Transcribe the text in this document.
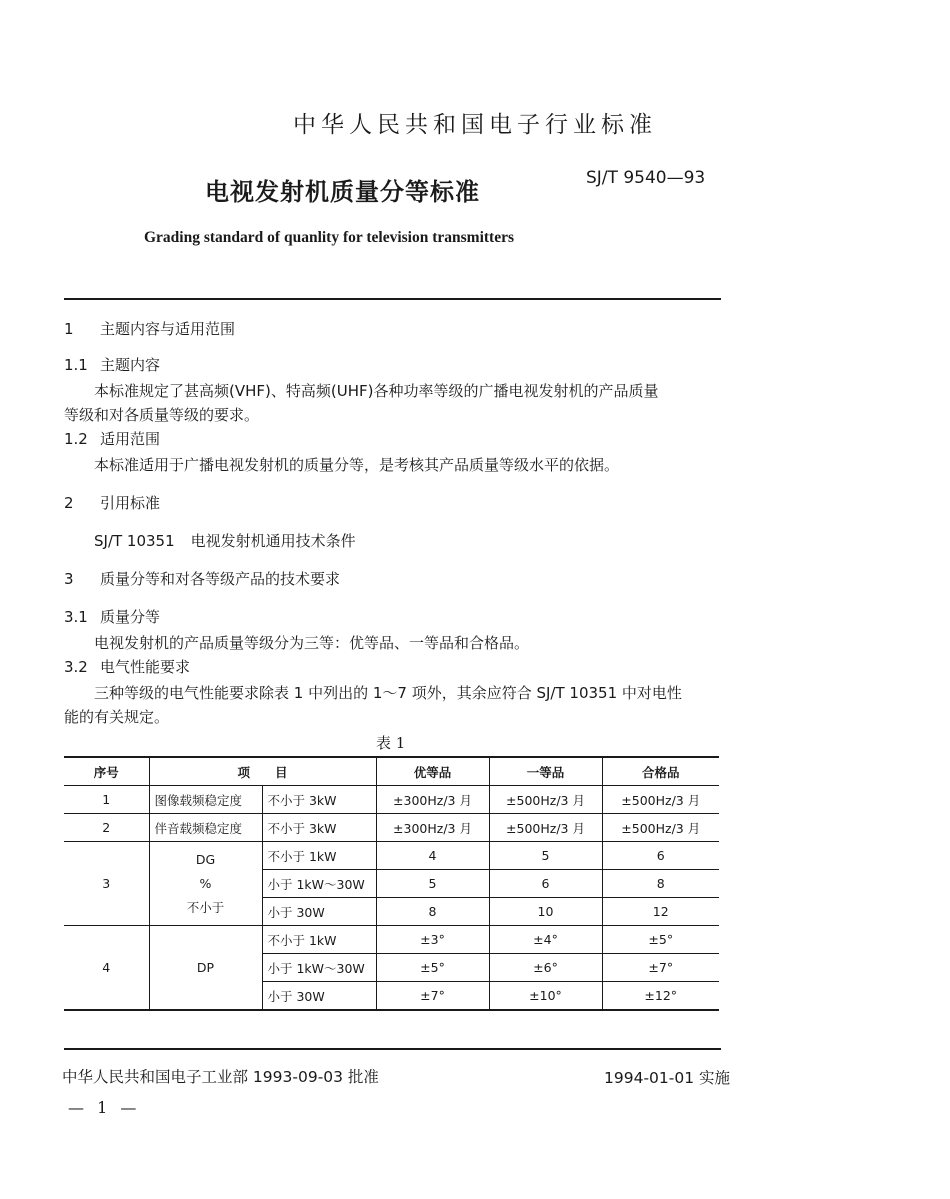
中华人民共和国电子行业标准
电视发射机质量分等标准	SJ/T 9540—93
Grading standard of quanlity for television transmitters
1 主题内容与适用范围
1.1 主题内容
本标准规定了甚高频(VHF)、特高频(UHF)各种功率等级的广播电视发射机的产品质量
等级和对各质量等级的要求。
1.2 适用范围
本标准适用于广播电视发射机的质量分等，是考核其产品质量等级水平的依据。
2 引用标准
SJ/T 10351 电视发射机通用技术条件
3 质量分等和对各等级产品的技术要求
3.1 质量分等
电视发射机的产品质量等级分为三等：优等品、一等品和合格品。
3.2 电气性能要求
三种等级的电气性能要求除表 1 中列出的 1～7 项外，其余应符合 SJ/T 10351 中对电性
能的有关规定。
表 1
序号	项　　目		优等品	一等品	合格品
1	图像载频稳定度	不小于 3kW	±300Hz/3 月	±500Hz/3 月	±500Hz/3 月
2	伴音载频稳定度	不小于 3kW	±300Hz/3 月	±500Hz/3 月	±500Hz/3 月
3	DG
%
不小于	不小于 1kW	4	5	6
		小于 1kW～30W	5	6	8
		小于 30W	8	10	12
4	DP	不小于 1kW	±3°	±4°	±5°
		小于 1kW～30W	±5°	±6°	±7°
		小于 30W	±7°	±10°	±12°
中华人民共和国电子工业部 1993-09-03 批准	1994-01-01 实施
— 1 —
